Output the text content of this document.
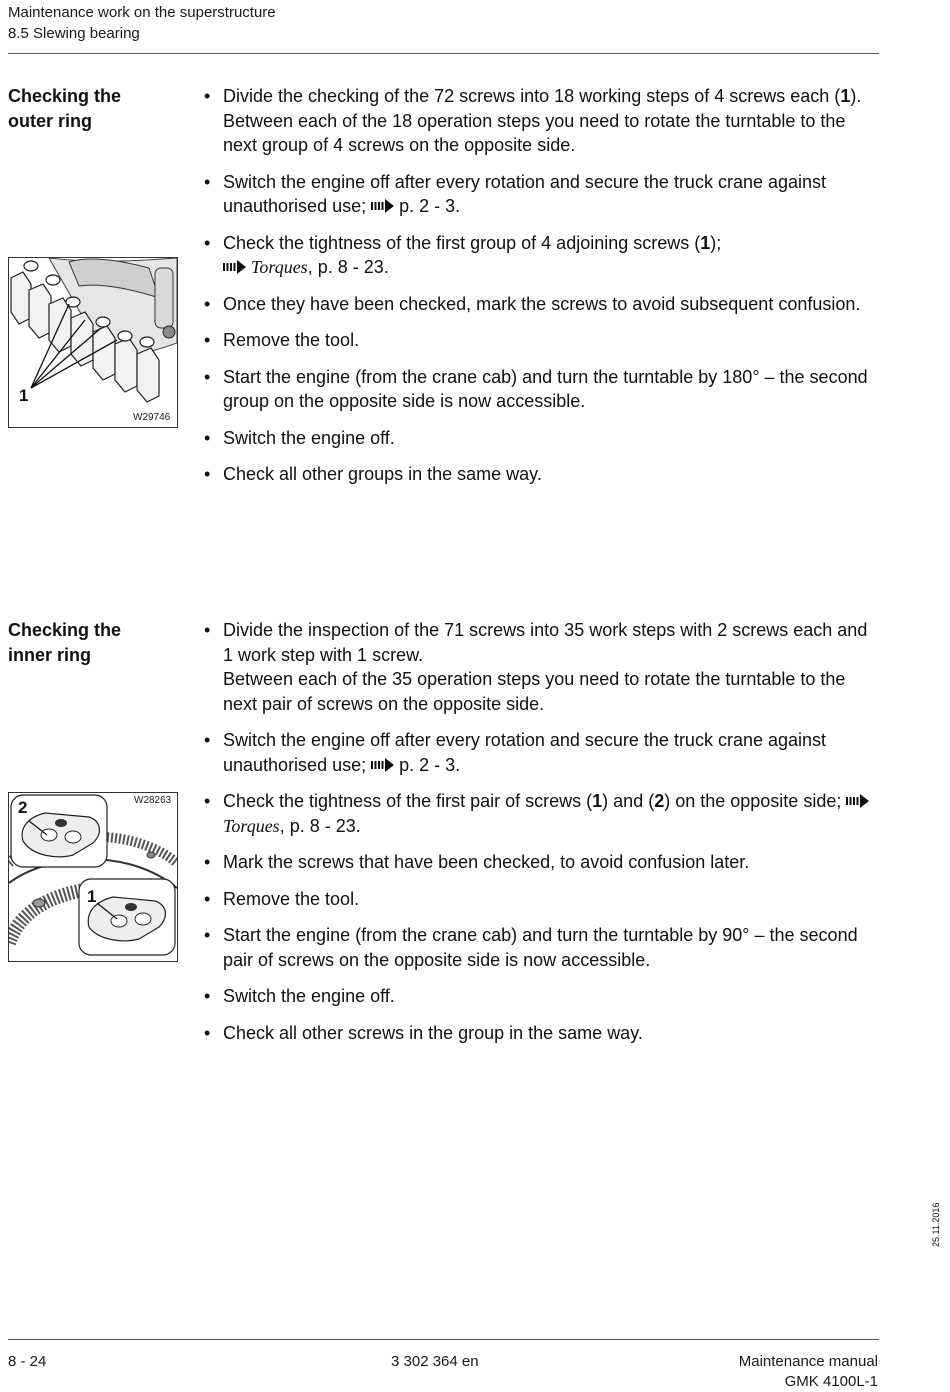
Maintenance work on the superstructure
8.5 Slewing bearing
Checking the
outer ring
1
W29746
• Divide the checking of the 72 screws into 18 working steps of 4 screws each (1).
Between each of the 18 operation steps you need to rotate the turntable to the next group of 4 screws on the opposite side.
• Switch the engine off after every rotation and secure the truck crane against unauthorised use; p. 2 - 3.
• Check the tightness of the first group of 4 adjoining screws (1);
Torques, p. 8 - 23.
• Once they have been checked, mark the screws to avoid subsequent confusion.
• Remove the tool.
• Start the engine (from the crane cab) and turn the turntable by 180° – the second group on the opposite side is now accessible.
• Switch the engine off.
• Check all other groups in the same way.
Checking the
inner ring
2
1
W28263
• Divide the inspection of the 71 screws into 35 work steps with 2 screws each and 1 work step with 1 screw.
Between each of the 35 operation steps you need to rotate the turntable to the next pair of screws on the opposite side.
• Switch the engine off after every rotation and secure the truck crane against unauthorised use; p. 2 - 3.
• Check the tightness of the first pair of screws (1) and (2) on the opposite side; Torques, p. 8 - 23.
• Mark the screws that have been checked, to avoid confusion later.
• Remove the tool.
• Start the engine (from the crane cab) and turn the turntable by 90° – the second pair of screws on the opposite side is now accessible.
• Switch the engine off.
• Check all other screws in the group in the same way.
25.11.2016
8 - 24	3 302 364 en	Maintenance manual
GMK 4100L-1
